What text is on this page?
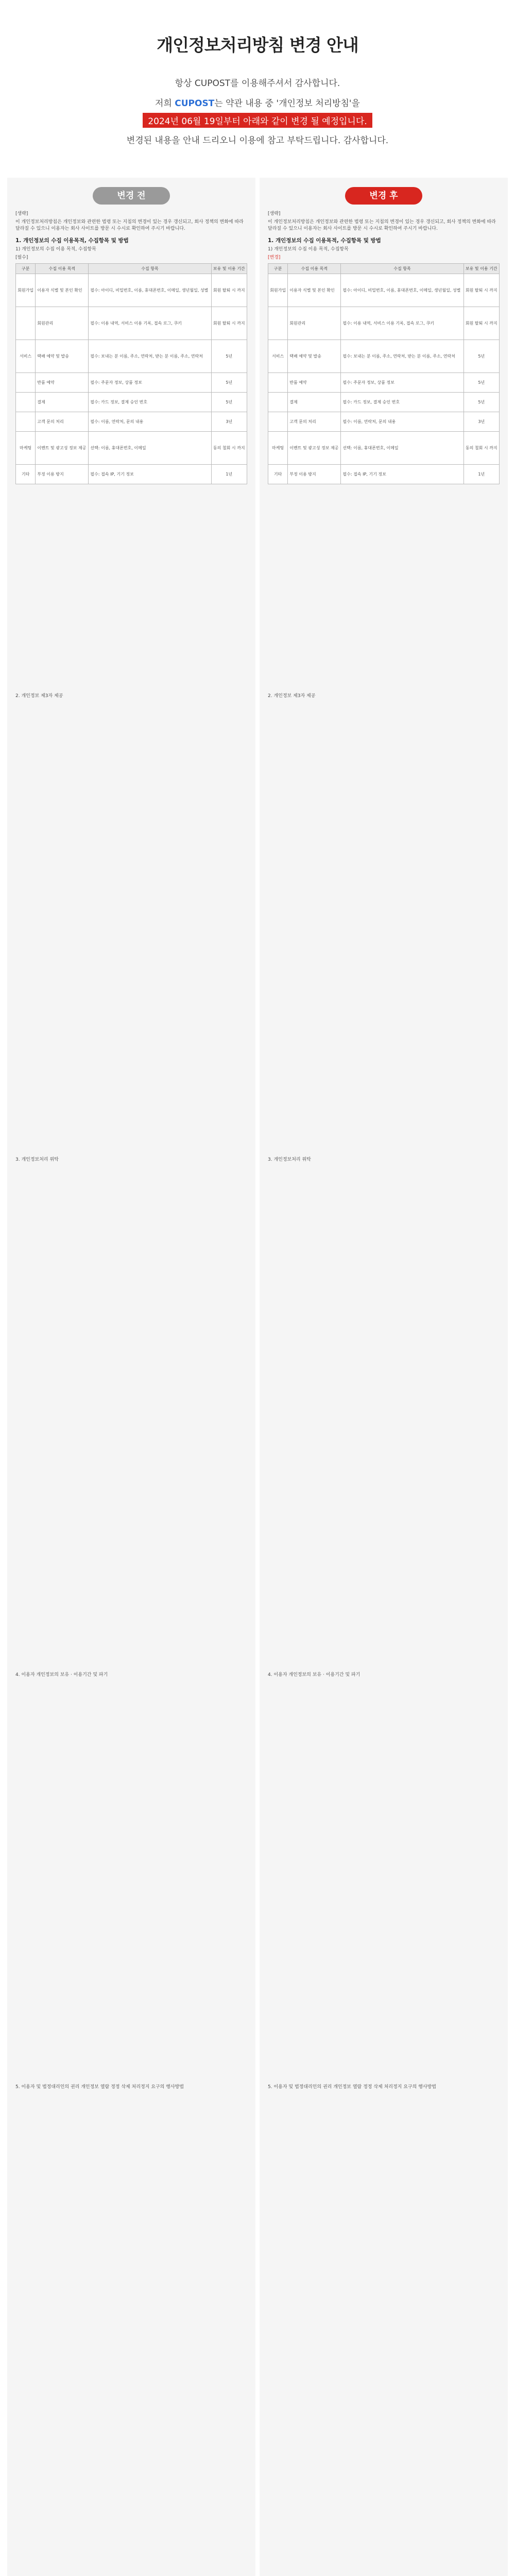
개인정보처리방침 변경 안내
항상 CUPOST를 이용해주셔서 감사합니다.
저희 CUPOST는 약관 내용 중 '개인정보 처리방침'을
2024년 06월 19일부터 아래와 같이 변경 될 예정입니다.
변경된 내용을 안내 드리오니 이용에 참고 부탁드립니다. 감사합니다.
변경 전
[생략]
이 개인정보처리방침은 개인정보와 관련한 법령 또는 지침의 변경이 있는 경우 갱신되고, 회사 정책의 변화에 따라 달라질 수 있으니 이용자는 회사 사이트를 방문 시 수시로 확인하여 주시기 바랍니다.
1. 개인정보의 수집 이용목적, 수집항목 및 방법
1) 개인정보의 수집 이용 목적, 수집항목
[필수]
구분	수집 이용 목적	수집 항목	보유 및 이용 기간
회원가입	이용자 식별 및 본인 확인	필수: 아이디, 비밀번호, 이름, 휴대폰번호, 이메일, 생년월일, 성별	회원 탈퇴 시 까지
	회원관리	필수: 이용 내역, 서비스 이용 기록, 접속 로그, 쿠키	회원 탈퇴 시 까지
서비스	택배 예약 및 발송	필수: 보내는 분 이름, 주소, 연락처, 받는 분 이름, 주소, 연락처	5년
	반품 예약	필수: 주문자 정보, 상품 정보	5년
	결제	필수: 카드 정보, 결제 승인 번호	5년
	고객 문의 처리	필수: 이름, 연락처, 문의 내용	3년
마케팅	이벤트 및 광고성 정보 제공	선택: 이름, 휴대폰번호, 이메일	동의 철회 시 까지
기타	부정 이용 방지	필수: 접속 IP, 기기 정보	1년
2. 개인정보 제3자 제공
3. 개인정보처리 위탁
4. 이용자 개인정보의 보유 · 이용기간 및 파기
5. 이용자 및 법정대리인의 권리 개인정보 열람 정정 삭제 처리정지 요구의 행사방법
변경 후
[생략]
이 개인정보처리방침은 개인정보와 관련한 법령 또는 지침의 변경이 있는 경우 갱신되고, 회사 정책의 변화에 따라 달라질 수 있으니 이용자는 회사 사이트를 방문 시 수시로 확인하여 주시기 바랍니다.
1. 개인정보의 수집 이용목적, 수집항목 및 방법
1) 개인정보의 수집 이용 목적, 수집항목
[변경]
구분	수집 이용 목적	수집 항목	보유 및 이용 기간
회원가입	이용자 식별 및 본인 확인	필수: 아이디, 비밀번호, 이름, 휴대폰번호, 이메일, 생년월일, 성별	회원 탈퇴 시 까지
	회원관리	필수: 이용 내역, 서비스 이용 기록, 접속 로그, 쿠키	회원 탈퇴 시 까지
서비스	택배 예약 및 발송	필수: 보내는 분 이름, 주소, 연락처, 받는 분 이름, 주소, 연락처	5년
	반품 예약	필수: 주문자 정보, 상품 정보	5년
	결제	필수: 카드 정보, 결제 승인 번호	5년
	고객 문의 처리	필수: 이름, 연락처, 문의 내용	3년
마케팅	이벤트 및 광고성 정보 제공	선택: 이름, 휴대폰번호, 이메일	동의 철회 시 까지
기타	부정 이용 방지	필수: 접속 IP, 기기 정보	1년
2. 개인정보 제3자 제공
3. 개인정보처리 위탁
4. 이용자 개인정보의 보유 · 이용기간 및 파기
5. 이용자 및 법정대리인의 권리 개인정보 열람 정정 삭제 처리정지 요구의 행사방법
